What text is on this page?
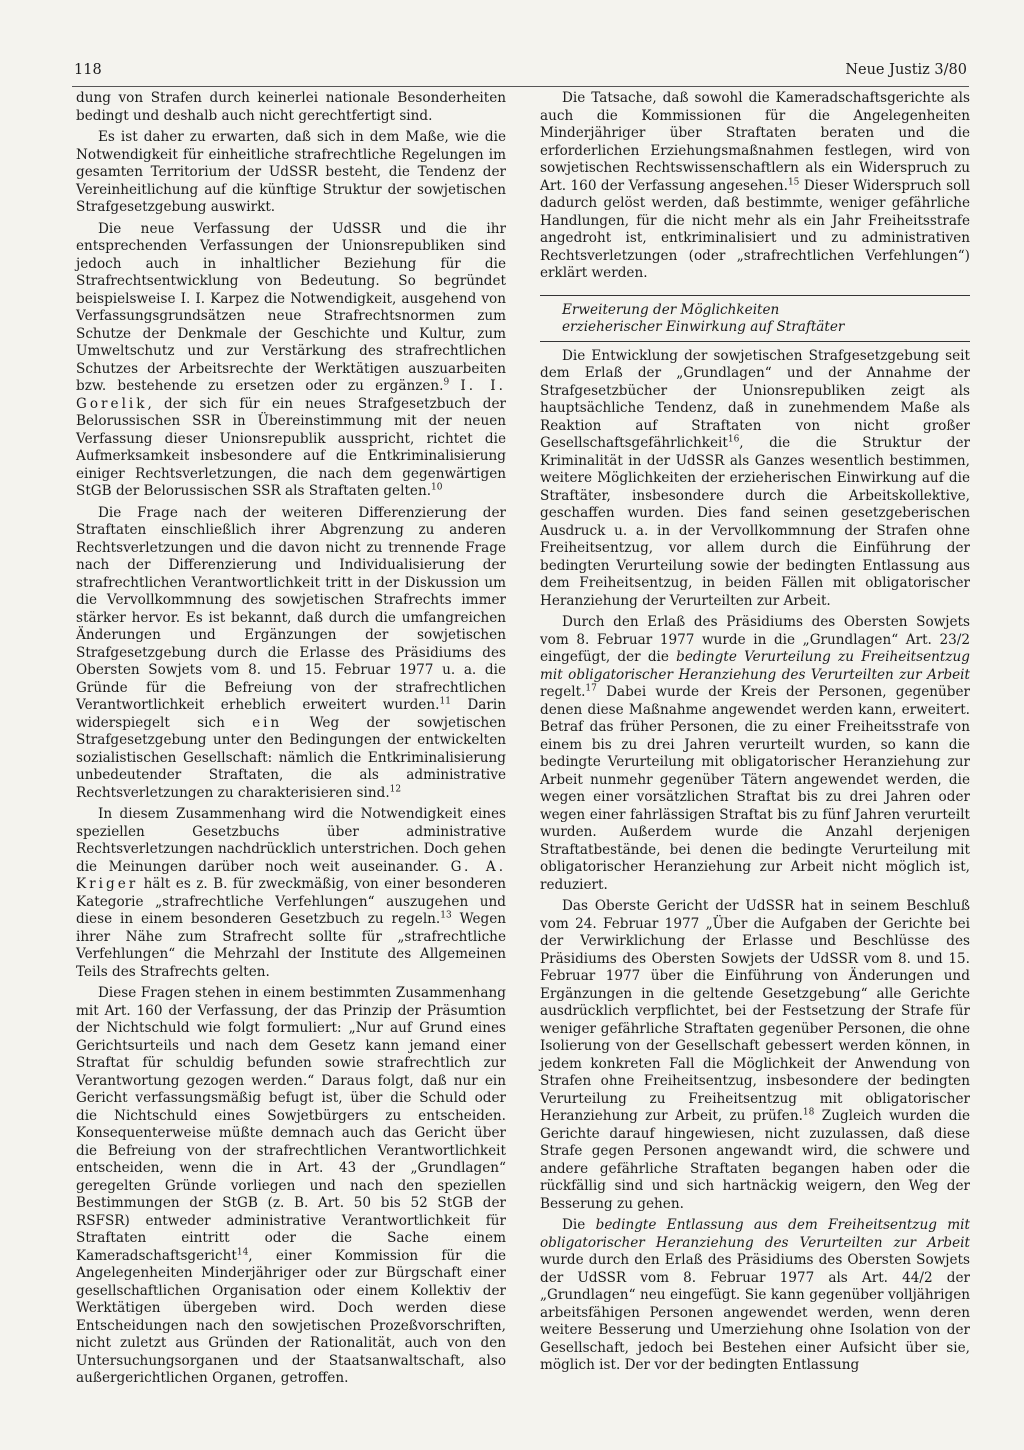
118	Neue Justiz 3/80

dung von Strafen durch keinerlei nationale Besonderheiten bedingt und deshalb auch nicht gerechtfertigt sind.

Es ist daher zu erwarten, daß sich in dem Maße, wie die Notwendigkeit für einheitliche strafrechtliche Regelungen im gesamten Territorium der UdSSR besteht, die Tendenz der Vereinheitlichung auf die künftige Struktur der sowjetischen Strafgesetzgebung auswirkt.

Die neue Verfassung der UdSSR und die ihr entsprechenden Verfassungen der Unionsrepubliken sind jedoch auch in inhaltlicher Beziehung für die Strafrechtsentwicklung von Bedeutung. So begründet beispielsweise I. I. Karpez die Notwendigkeit, ausgehend von Verfassungsgrundsätzen neue Strafrechtsnormen zum Schutze der Denkmale der Geschichte und Kultur, zum Umweltschutz und zur Verstärkung des strafrechtlichen Schutzes der Arbeitsrechte der Werktätigen auszuarbeiten bzw. bestehende zu ersetzen oder zu ergänzen.$^9$ I. I. Gorelik, der sich für ein neues Strafgesetzbuch der Belorussischen SSR in Übereinstimmung mit der neuen Verfassung dieser Unionsrepublik ausspricht, richtet die Aufmerksamkeit insbesondere auf die Entkriminalisierung einiger Rechtsverletzungen, die nach dem gegenwärtigen StGB der Belorussischen SSR als Straftaten gelten.$^{10}$

Die Frage nach der weiteren Differenzierung der Straftaten einschließlich ihrer Abgrenzung zu anderen Rechtsverletzungen und die davon nicht zu trennende Frage nach der Differenzierung und Individualisierung der strafrechtlichen Verantwortlichkeit tritt in der Diskussion um die Vervollkommnung des sowjetischen Strafrechts immer stärker hervor. Es ist bekannt, daß durch die umfangreichen Änderungen und Ergänzungen der sowjetischen Strafgesetzgebung durch die Erlasse des Präsidiums des Obersten Sowjets vom 8. und 15. Februar 1977 u. a. die Gründe für die Befreiung von der strafrechtlichen Verantwortlichkeit erheblich erweitert wurden.$^{11}$ Darin widerspiegelt sich ein Weg der sowjetischen Strafgesetzgebung unter den Bedingungen der entwickelten sozialistischen Gesellschaft: nämlich die Entkriminalisierung unbedeutender Straftaten, die als administrative Rechtsverletzungen zu charakterisieren sind.$^{12}$

In diesem Zusammenhang wird die Notwendigkeit eines speziellen Gesetzbuchs über administrative Rechtsverletzungen nachdrücklich unterstrichen. Doch gehen die Meinungen darüber noch weit auseinander. G. A. Kriger hält es z. B. für zweckmäßig, von einer besonderen Kategorie „strafrechtliche Verfehlungen“ auszugehen und diese in einem besonderen Gesetzbuch zu regeln.$^{13}$ Wegen ihrer Nähe zum Strafrecht sollte für „strafrechtliche Verfehlungen“ die Mehrzahl der Institute des Allgemeinen Teils des Strafrechts gelten.

Diese Fragen stehen in einem bestimmten Zusammenhang mit Art. 160 der Verfassung, der das Prinzip der Präsumtion der Nichtschuld wie folgt formuliert: „Nur auf Grund eines Gerichtsurteils und nach dem Gesetz kann jemand einer Straftat für schuldig befunden sowie strafrechtlich zur Verantwortung gezogen werden.“ Daraus folgt, daß nur ein Gericht verfassungsmäßig befugt ist, über die Schuld oder die Nichtschuld eines Sowjetbürgers zu entscheiden. Konsequenterweise müßte demnach auch das Gericht über die Befreiung von der strafrechtlichen Verantwortlichkeit entscheiden, wenn die in Art. 43 der „Grundlagen“ geregelten Gründe vorliegen und nach den speziellen Bestimmungen der StGB (z. B. Art. 50 bis 52 StGB der RSFSR) entweder administrative Verantwortlichkeit für Straftaten eintritt oder die Sache einem Kameradschaftsgericht$^{14}$, einer Kommission für die Angelegenheiten Minderjähriger oder zur Bürgschaft einer gesellschaftlichen Organisation oder einem Kollektiv der Werktätigen übergeben wird. Doch werden diese Entscheidungen nach den sowjetischen Prozeßvorschriften, nicht zuletzt aus Gründen der Rationalität, auch von den Untersuchungsorganen und der Staatsanwaltschaft, also außergerichtlichen Organen, getroffen.

Die Tatsache, daß sowohl die Kameradschaftsgerichte als auch die Kommissionen für die Angelegenheiten Minderjähriger über Straftaten beraten und die erforderlichen Erziehungsmaßnahmen festlegen, wird von sowjetischen Rechtswissenschaftlern als ein Widerspruch zu Art. 160 der Verfassung angesehen.$^{15}$ Dieser Widerspruch soll dadurch gelöst werden, daß bestimmte, weniger gefährliche Handlungen, für die nicht mehr als ein Jahr Freiheitsstrafe angedroht ist, entkriminalisiert und zu administrativen Rechtsverletzungen (oder „strafrechtlichen Verfehlungen“) erklärt werden.

Erweiterung der Möglichkeiten
erzieherischer Einwirkung auf Straftäter

Die Entwicklung der sowjetischen Strafgesetzgebung seit dem Erlaß der „Grundlagen“ und der Annahme der Strafgesetzbücher der Unionsrepubliken zeigt als hauptsächliche Tendenz, daß in zunehmendem Maße als Reaktion auf Straftaten von nicht großer Gesellschaftsgefährlichkeit$^{16}$, die die Struktur der Kriminalität in der UdSSR als Ganzes wesentlich bestimmen, weitere Möglichkeiten der erzieherischen Einwirkung auf die Straftäter, insbesondere durch die Arbeitskollektive, geschaffen wurden. Dies fand seinen gesetzgeberischen Ausdruck u. a. in der Vervollkommnung der Strafen ohne Freiheitsentzug, vor allem durch die Einführung der bedingten Verurteilung sowie der bedingten Entlassung aus dem Freiheitsentzug, in beiden Fällen mit obligatorischer Heranziehung der Verurteilten zur Arbeit.

Durch den Erlaß des Präsidiums des Obersten Sowjets vom 8. Februar 1977 wurde in die „Grundlagen“ Art. 23/2 eingefügt, der die bedingte Verurteilung zu Freiheitsentzug mit obligatorischer Heranziehung des Verurteilten zur Arbeit regelt.$^{17}$ Dabei wurde der Kreis der Personen, gegenüber denen diese Maßnahme angewendet werden kann, erweitert. Betraf das früher Personen, die zu einer Freiheitsstrafe von einem bis zu drei Jahren verurteilt wurden, so kann die bedingte Verurteilung mit obligatorischer Heranziehung zur Arbeit nunmehr gegenüber Tätern angewendet werden, die wegen einer vorsätzlichen Straftat bis zu drei Jahren oder wegen einer fahrlässigen Straftat bis zu fünf Jahren verurteilt wurden. Außerdem wurde die Anzahl derjenigen Straftatbestände, bei denen die bedingte Verurteilung mit obligatorischer Heranziehung zur Arbeit nicht möglich ist, reduziert.

Das Oberste Gericht der UdSSR hat in seinem Beschluß vom 24. Februar 1977 „Über die Aufgaben der Gerichte bei der Verwirklichung der Erlasse und Beschlüsse des Präsidiums des Obersten Sowjets der UdSSR vom 8. und 15. Februar 1977 über die Einführung von Änderungen und Ergänzungen in die geltende Gesetzgebung“ alle Gerichte ausdrücklich verpflichtet, bei der Festsetzung der Strafe für weniger gefährliche Straftaten gegenüber Personen, die ohne Isolierung von der Gesellschaft gebessert werden können, in jedem konkreten Fall die Möglichkeit der Anwendung von Strafen ohne Freiheitsentzug, insbesondere der bedingten Verurteilung zu Freiheitsentzug mit obligatorischer Heranziehung zur Arbeit, zu prüfen.$^{18}$ Zugleich wurden die Gerichte darauf hingewiesen, nicht zuzulassen, daß diese Strafe gegen Personen angewandt wird, die schwere und andere gefährliche Straftaten begangen haben oder die rückfällig sind und sich hartnäckig weigern, den Weg der Besserung zu gehen.

Die bedingte Entlassung aus dem Freiheitsentzug mit obligatorischer Heranziehung des Verurteilten zur Arbeit wurde durch den Erlaß des Präsidiums des Obersten Sowjets der UdSSR vom 8. Februar 1977 als Art. 44/2 der „Grundlagen“ neu eingefügt. Sie kann gegenüber volljährigen arbeitsfähigen Personen angewendet werden, wenn deren weitere Besserung und Umerziehung ohne Isolation von der Gesellschaft, jedoch bei Bestehen einer Aufsicht über sie, möglich ist. Der vor der bedingten Entlassung
